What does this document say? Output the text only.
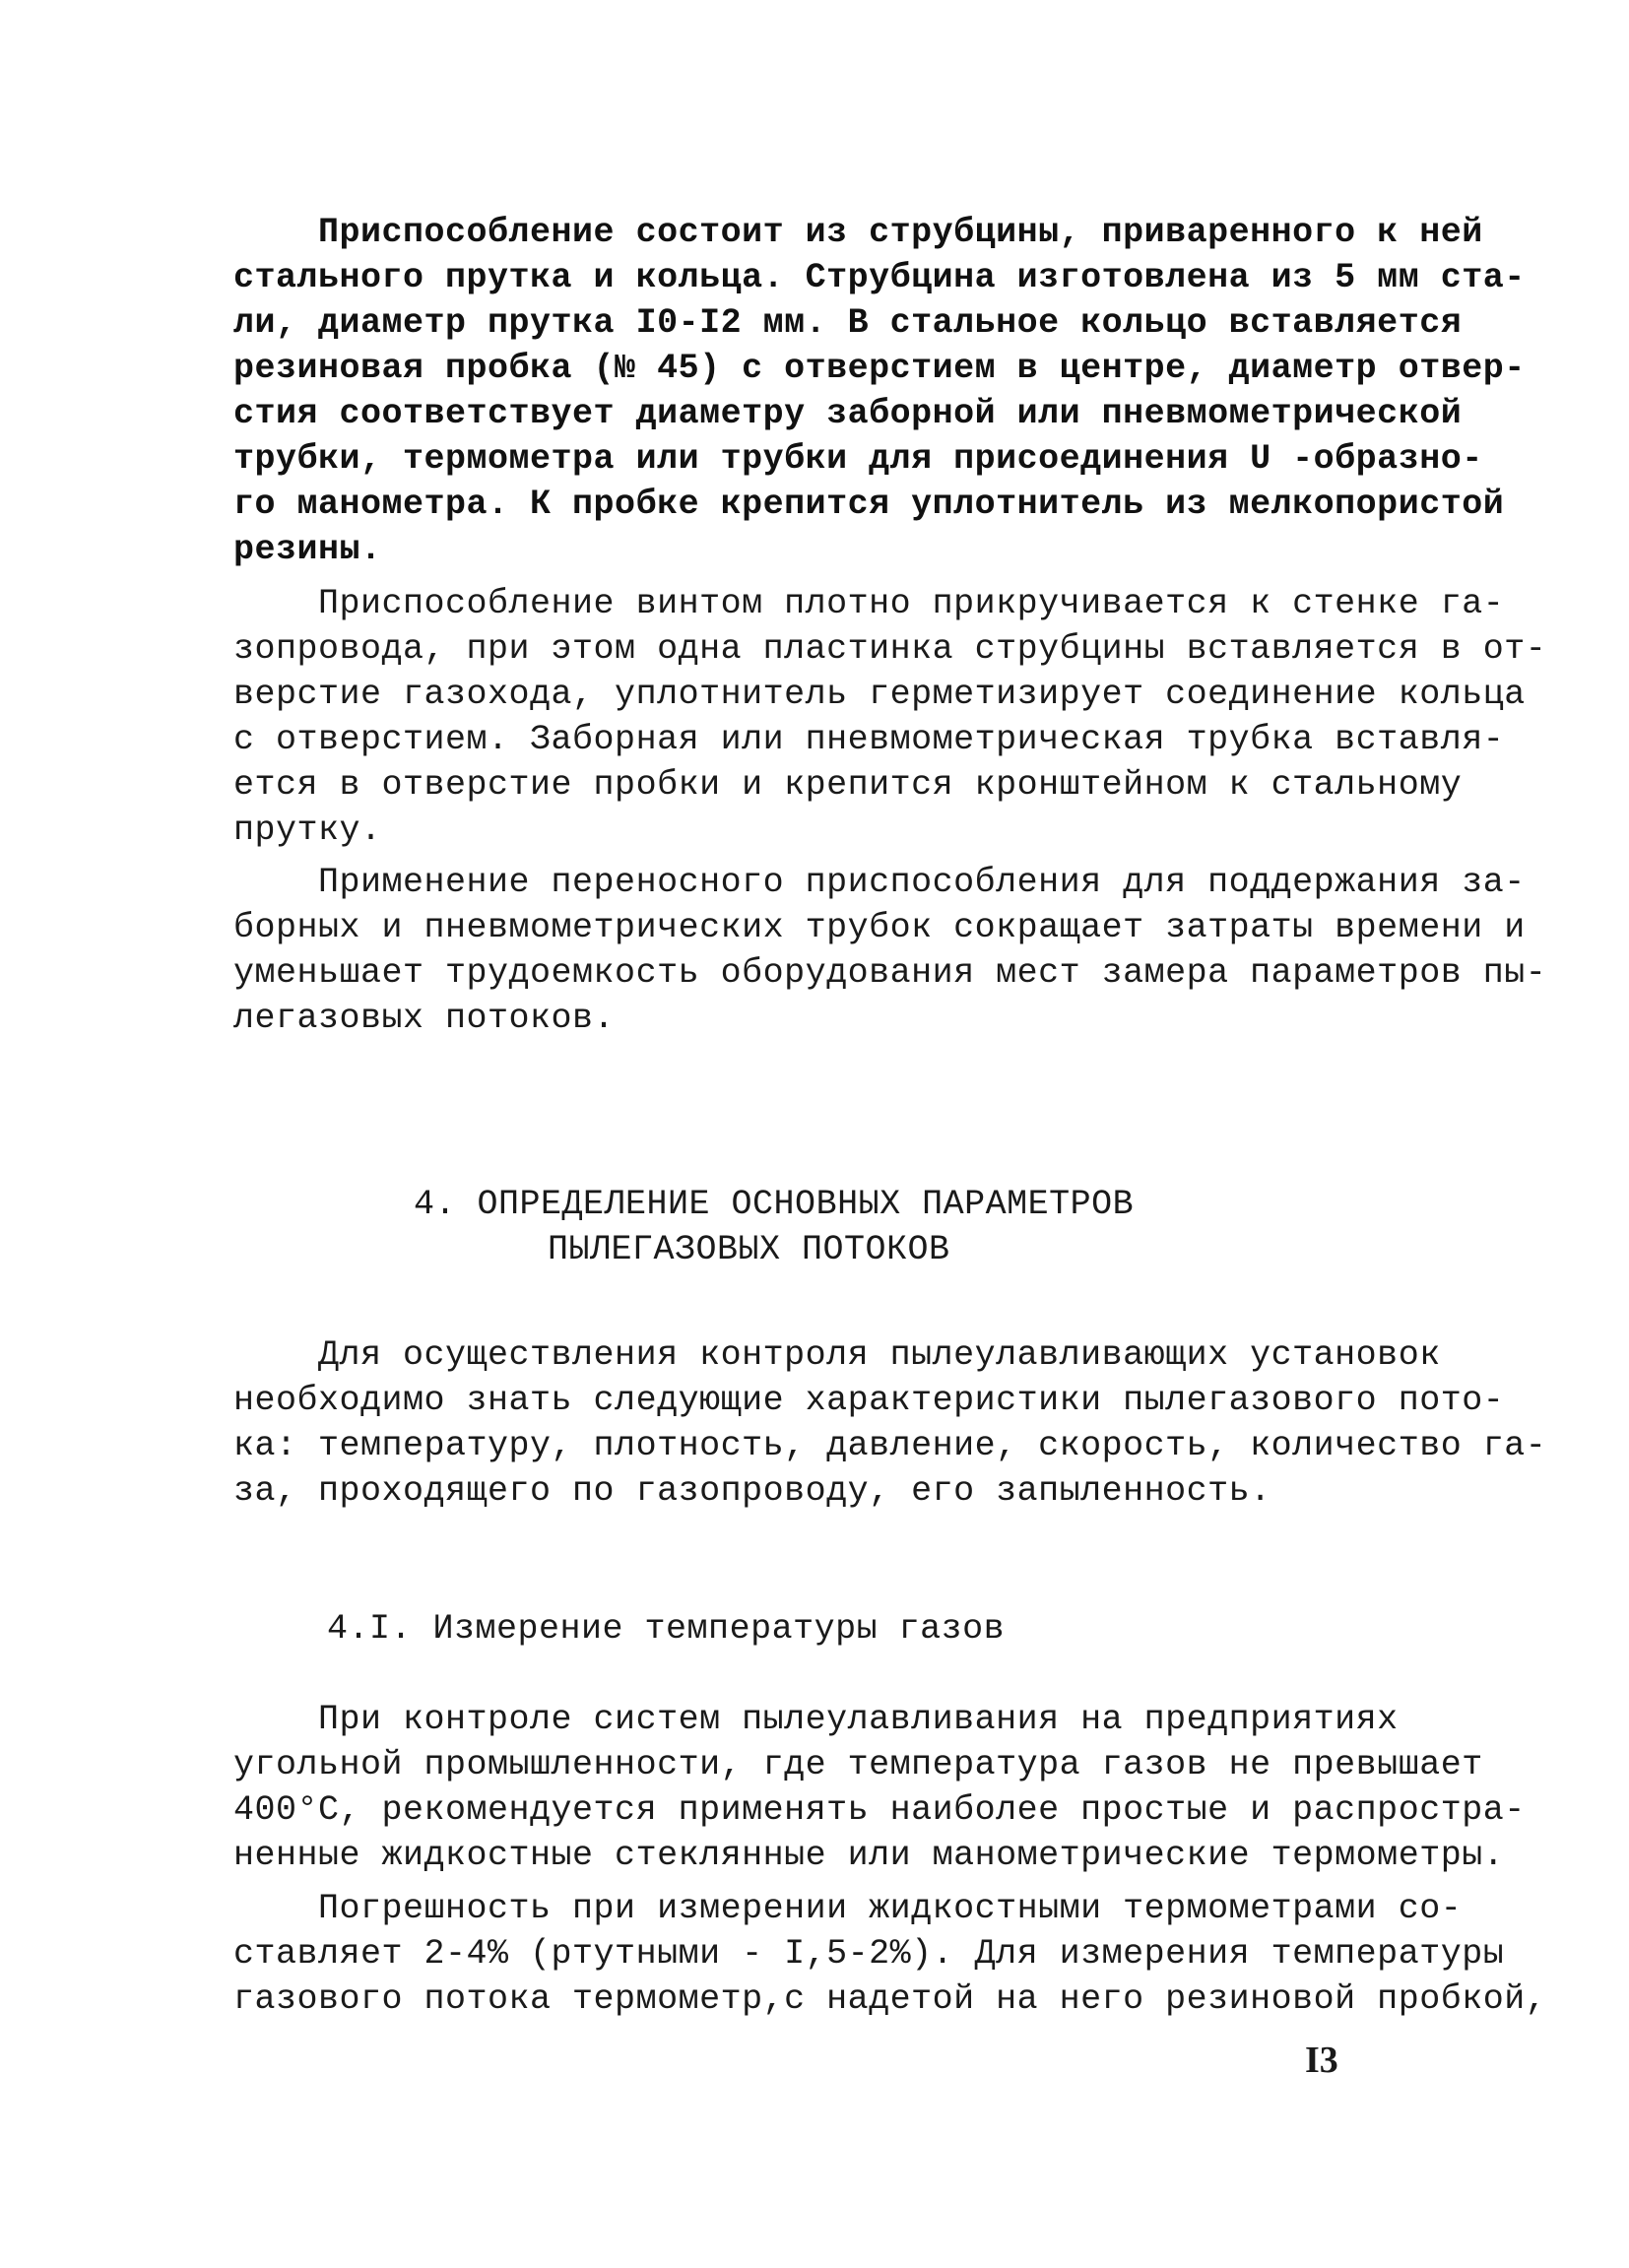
Приспособление состоит из струбцины, приваренного к ней
стального прутка и кольца. Струбцина изготовлена из 5 мм ста-
ли, диаметр прутка I0-I2 мм. В стальное кольцо вставляется
резиновая пробка (№ 45) с отверстием в центре, диаметр отвер-
стия соответствует диаметру заборной или пневмометрической
трубки, термометра или трубки для присоединения U -образно-
го манометра. К пробке крепится уплотнитель из мелкопористой
резины.
Приспособление винтом плотно прикручивается к стенке га-
зопровода, при этом одна пластинка струбцины вставляется в от-
верстие газохода, уплотнитель герметизирует соединение кольца
с отверстием. Заборная или пневмометрическая трубка вставля-
ется в отверстие пробки и крепится кронштейном к стальному
прутку.
Применение переносного приспособления для поддержания за-
борных и пневмометрических трубок сокращает затраты времени и
уменьшает трудоемкость оборудования мест замера параметров пы-
легазовых потоков.
4. ОПРЕДЕЛЕНИЕ ОСНОВНЫХ ПАРАМЕТРОВ
ПЫЛЕГАЗОВЫХ ПОТОКОВ
Для осуществления контроля пылеулавливающих установок
необходимо знать следующие характеристики пылегазового пото-
ка: температуру, плотность, давление, скорость, количество га-
за, проходящего по газопроводу, его запыленность.
4.I. Измерение температуры газов
При контроле систем пылеулавливания на предприятиях
угольной промышленности, где температура газов не превышает
400°С, рекомендуется применять наиболее простые и распростра-
ненные жидкостные стеклянные или манометрические термометры.
Погрешность при измерении жидкостными термометрами со-
ставляет 2-4% (ртутными - I,5-2%). Для измерения температуры
газового потока термометр,с надетой на него резиновой пробкой,
I3
